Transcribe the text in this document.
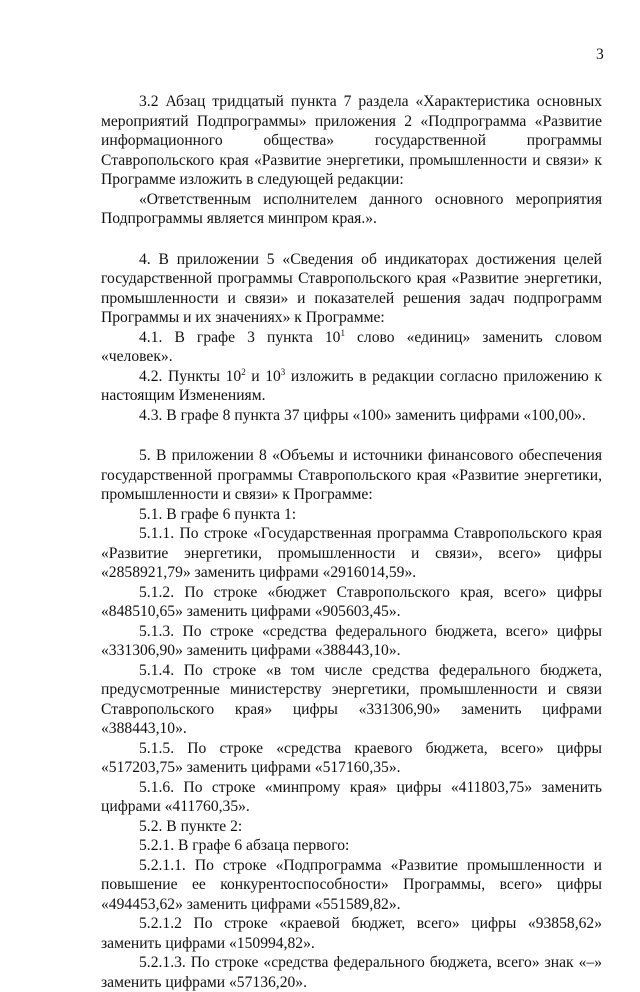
3

3.2 Абзац тридцатый пункта 7 раздела «Характеристика основных мероприятий Подпрограммы» приложения 2 «Подпрограмма «Развитие информационного общества» государственной программы Ставропольского края «Развитие энергетики, промышленности и связи» к Программе изложить в следующей редакции:

«Ответственным исполнителем данного основного мероприятия Подпрограммы является минпром края.».

4. В приложении 5 «Сведения об индикаторах достижения целей государственной программы Ставропольского края «Развитие энергетики, промышленности и связи» и показателей решения задач подпрограмм Программы и их значениях» к Программе:

4.1. В графе 3 пункта $10^1$ слово «единиц» заменить словом «человек».

4.2. Пункты $10^2$ и $10^3$ изложить в редакции согласно приложению к настоящим Изменениям.

4.3. В графе 8 пункта 37 цифры «100» заменить цифрами «100,00».

5. В приложении 8 «Объемы и источники финансового обеспечения государственной программы Ставропольского края «Развитие энергетики, промышленности и связи» к Программе:

5.1. В графе 6 пункта 1:

5.1.1. По строке «Государственная программа Ставропольского края «Развитие энергетики, промышленности и связи», всего» цифры «2858921,79» заменить цифрами «2916014,59».

5.1.2. По строке «бюджет Ставропольского края, всего» цифры «848510,65» заменить цифрами «905603,45».

5.1.3. По строке «средства федерального бюджета, всего» цифры «331306,90» заменить цифрами «388443,10».

5.1.4. По строке «в том числе средства федерального бюджета, предусмотренные министерству энергетики, промышленности и связи Ставропольского края» цифры «331306,90» заменить цифрами «388443,10».

5.1.5. По строке «средства краевого бюджета, всего» цифры «517203,75» заменить цифрами «517160,35».

5.1.6. По строке «минпрому края» цифры «411803,75» заменить цифрами «411760,35».

5.2. В пункте 2:

5.2.1. В графе 6 абзаца первого:

5.2.1.1. По строке «Подпрограмма «Развитие промышленности и повышение ее конкурентоспособности» Программы, всего» цифры «494453,62» заменить цифрами «551589,82».

5.2.1.2 По строке «краевой бюджет, всего» цифры «93858,62» заменить цифрами «150994,82».

5.2.1.3. По строке «средства федерального бюджета, всего» знак «–» заменить цифрами «57136,20».
